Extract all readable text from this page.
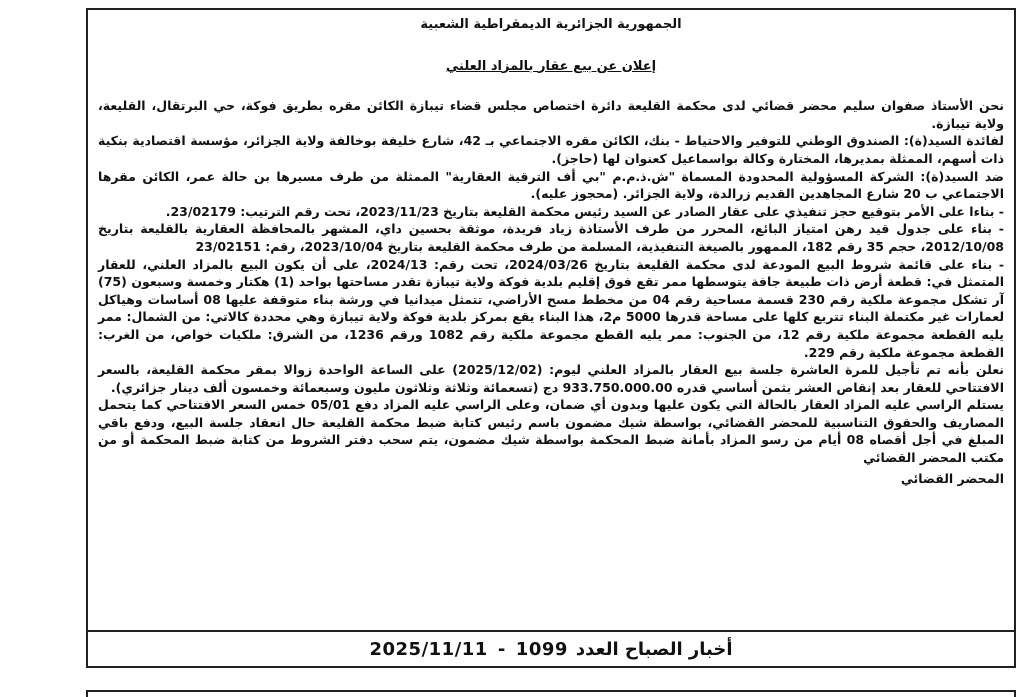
الجمهورية الجزائرية الديمقراطية الشعبية
إعلان عن بيع عقار بالمزاد العلني

نحن الأستاذ صفوان سليم محضر قضائي لدى محكمة القليعة دائرة اختصاص مجلس قضاء تيبازة الكائن مقره بطريق فوكة، حي البرتقال، القليعة، ولاية تيبازة.

لفائدة السيد(ة): الصندوق الوطني للتوفير والاحتياط - بنك، الكائن مقره الاجتماعي بـ 42، شارع خليفة بوخالفة ولاية الجزائر، مؤسسة اقتصادية بنكية ذات أسهم، الممثلة بمديرها، المختارة وكالة بواسماعيل كعنوان لها (حاجز).

ضد السيد(ة): الشركة المسؤولية المحدودة المسماة "ش.ذ.م.م "بي أف الترقية العقارية" الممثلة من طرف مسيرها بن حالة عمر، الكائن مقرها الاجتماعي ب 20 شارع المجاهدين القديم زرالدة، ولاية الجزائر. (محجوز عليه).

- بناءا على الأمر بتوقيع حجز تنفيذي على عقار الصادر عن السيد رئيس محكمة القليعة بتاريخ 2023/11/23، تحت رقم الترتيب: 23/02179.

- بناء على جدول قيد رهن امتياز البائع، المحرر من طرف الأستاذة زياد فريدة، موثقة بحسين داي، المشهر بالمحافظة العقارية بالقليعة بتاريخ 2012/10/08، حجم 35 رقم 182، الممهور بالصيغة التنفيذية، المسلمة من طرف محكمة القليعة بتاريخ 2023/10/04، رقم: 23/02151

- بناء على قائمة شروط البيع المودعة لدى محكمة القليعة بتاريخ 2024/03/26، تحت رقم: 2024/13، على أن يكون البيع بالمزاد العلني، للعقار المتمثل في: قطعة أرض ذات طبيعة جافة يتوسطها ممر تقع فوق إقليم بلدية فوكة ولاية تيبازة تقدر مساحتها بواحد (1) هكتار وخمسة وسبعون (75) آر تشكل مجموعة ملكية رقم 230 قسمة مساحية رقم 04 من مخطط مسح الأراضي، تتمثل ميدانيا في ورشة بناء متوقفة عليها 08 أساسات وهياكل لعمارات غير مكتملة البناء تتربع كلها على مساحة قدرها 5000 م2، هذا البناء يقع بمركز بلدية فوكة ولاية تيبازة وهي محددة كالاتي: من الشمال: ممر يليه القطعة مجموعة ملكية رقم 12، من الجنوب: ممر يليه القطع مجموعة ملكية رقم 1082 ورقم 1236، من الشرق: ملكيات خواص، من الغرب: القطعة مجموعة ملكية رقم 229.

نعلن بأنه تم تأجيل للمرة العاشرة جلسة بيع العقار بالمزاد العلني ليوم: (2025/12/02) على الساعة الواحدة زوالا بمقر محكمة القليعة، بالسعر الافتتاحي للعقار بعد إنقاص العشر بثمن أساسي قدره 933.750.000.00 دج (تسعمائة وثلاثة وثلاثون مليون وسبعمائة وخمسون ألف دينار جزائري).

يستلم الراسي عليه المزاد العقار بالحالة التي يكون عليها وبدون أي ضمان، وعلى الراسي عليه المزاد دفع 05/01 خمس السعر الافتتاحي كما يتحمل المصاريف والحقوق التناسبية للمحضر القضائي، بواسطة شيك مضمون باسم رئيس كتابة ضبط محكمة القليعة حال انعقاد جلسة البيع، ودفع باقي المبلغ في أجل أقصاه 08 أيام من رسو المزاد بأمانة ضبط المحكمة بواسطة شيك مضمون، يتم سحب دفتر الشروط من كتابة ضبط المحكمة أو من مكتب المحضر القضائي

المحضر القضائي
2025/11/11 - 1099 أخبار الصباح العدد
